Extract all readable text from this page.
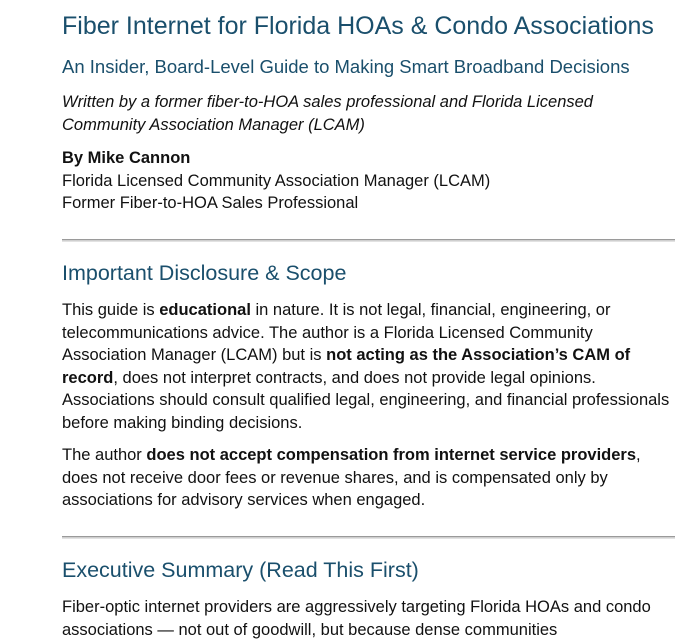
Fiber Internet for Florida HOAs & Condo Associations
An Insider, Board-Level Guide to Making Smart Broadband Decisions
Written by a former fiber-to-HOA sales professional and Florida Licensed Community Association Manager (LCAM)
By Mike Cannon
Florida Licensed Community Association Manager (LCAM)
Former Fiber-to-HOA Sales Professional
Important Disclosure & Scope
This guide is educational in nature. It is not legal, financial, engineering, or telecommunications advice. The author is a Florida Licensed Community Association Manager (LCAM) but is not acting as the Association’s CAM of record, does not interpret contracts, and does not provide legal opinions. Associations should consult qualified legal, engineering, and financial professionals before making binding decisions.
The author does not accept compensation from internet service providers, does not receive door fees or revenue shares, and is compensated only by associations for advisory services when engaged.
Executive Summary (Read This First)
Fiber-optic internet providers are aggressively targeting Florida HOAs and condo associations — not out of goodwill, but because dense communities
